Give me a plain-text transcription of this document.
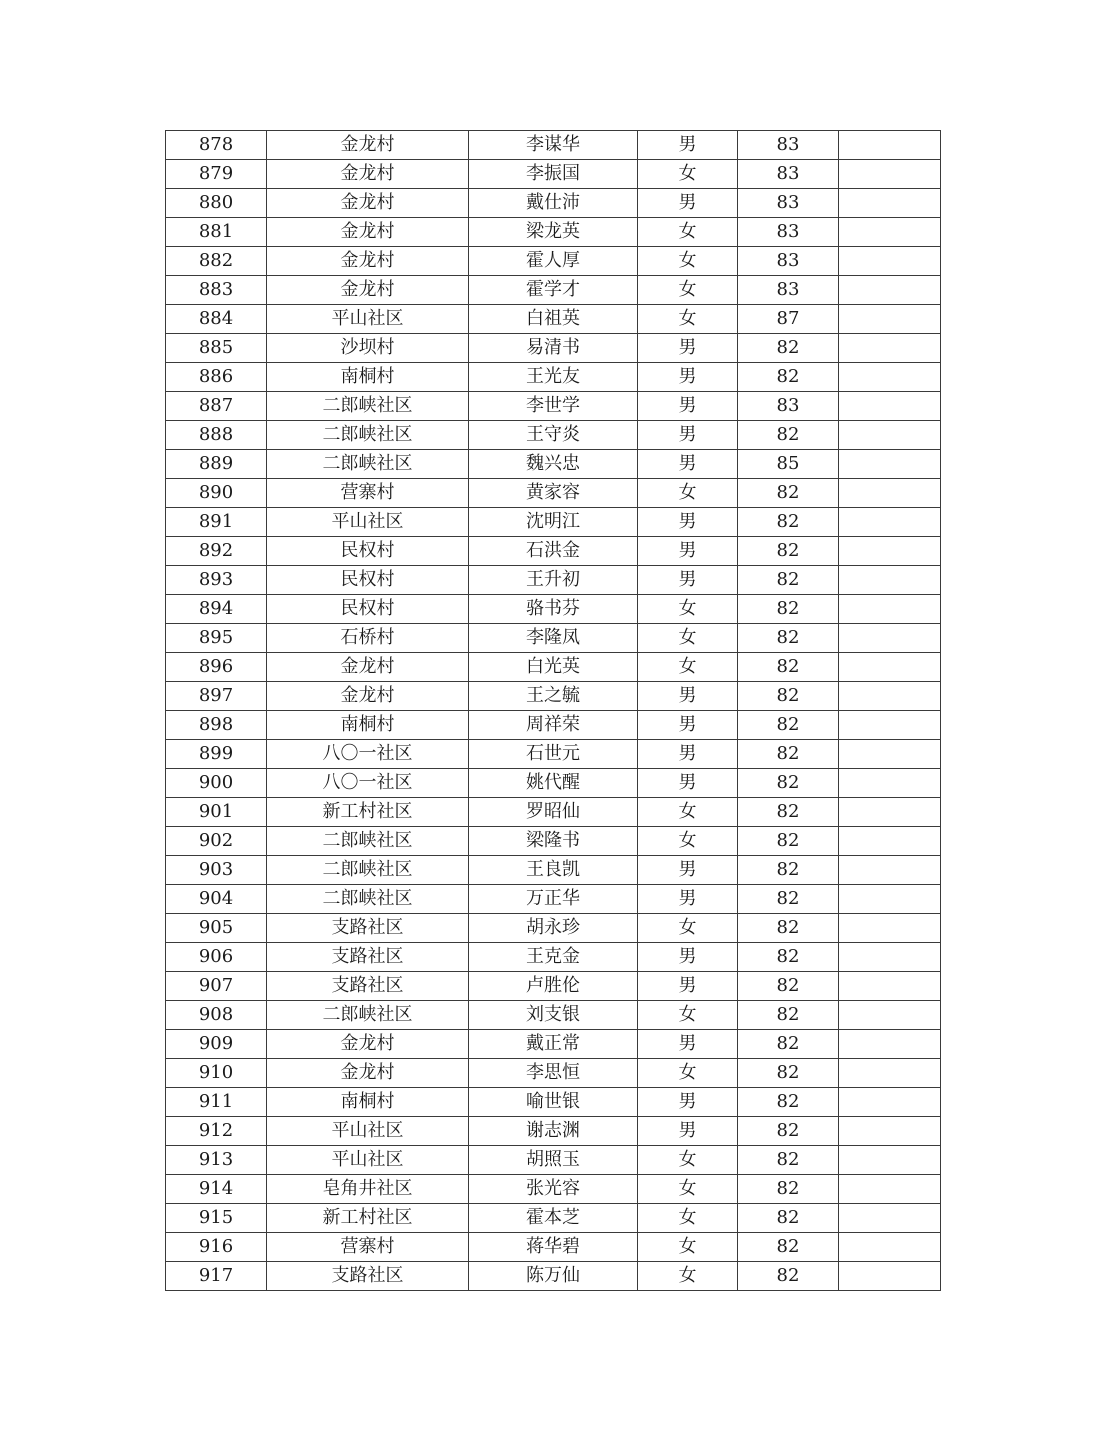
878	金龙村	李谋华	男	83	
879	金龙村	李振国	女	83	
880	金龙村	戴仕沛	男	83	
881	金龙村	梁龙英	女	83	
882	金龙村	霍人厚	女	83	
883	金龙村	霍学才	女	83	
884	平山社区	白祖英	女	87	
885	沙坝村	易清书	男	82	
886	南桐村	王光友	男	82	
887	二郎峡社区	李世学	男	83	
888	二郎峡社区	王守炎	男	82	
889	二郎峡社区	魏兴忠	男	85	
890	营寨村	黄家容	女	82	
891	平山社区	沈明江	男	82	
892	民权村	石洪金	男	82	
893	民权村	王升初	男	82	
894	民权村	骆书芬	女	82	
895	石桥村	李隆凤	女	82	
896	金龙村	白光英	女	82	
897	金龙村	王之毓	男	82	
898	南桐村	周祥荣	男	82	
899	八〇一社区	石世元	男	82	
900	八〇一社区	姚代醒	男	82	
901	新工村社区	罗昭仙	女	82	
902	二郎峡社区	梁隆书	女	82	
903	二郎峡社区	王良凯	男	82	
904	二郎峡社区	万正华	男	82	
905	支路社区	胡永珍	女	82	
906	支路社区	王克金	男	82	
907	支路社区	卢胜伦	男	82	
908	二郎峡社区	刘支银	女	82	
909	金龙村	戴正常	男	82	
910	金龙村	李思恒	女	82	
911	南桐村	喻世银	男	82	
912	平山社区	谢志渊	男	82	
913	平山社区	胡照玉	女	82	
914	皂角井社区	张光容	女	82	
915	新工村社区	霍本芝	女	82	
916	营寨村	蒋华碧	女	82	
917	支路社区	陈万仙	女	82	
